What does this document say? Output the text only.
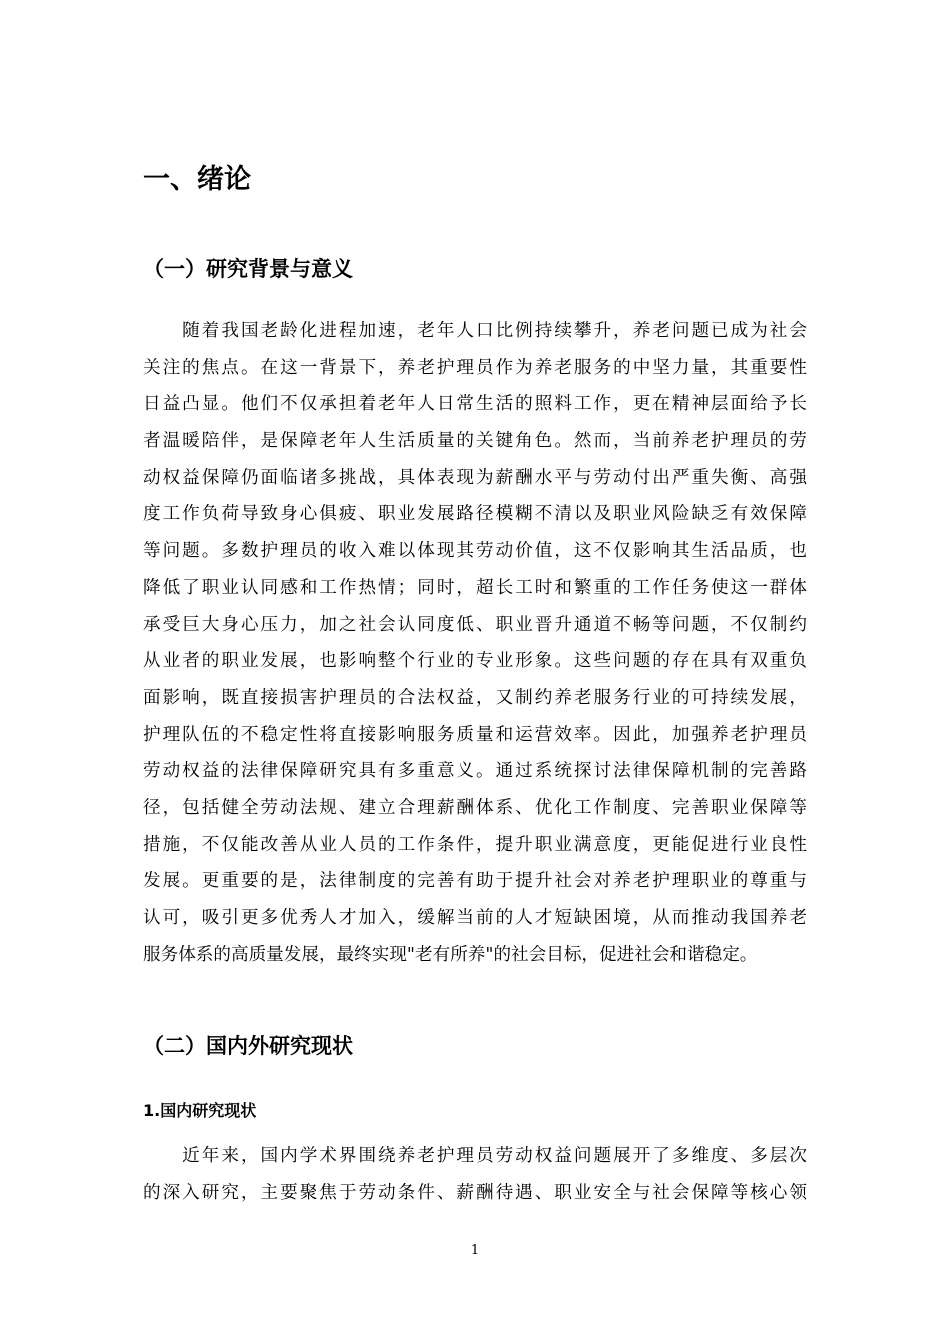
一、绪论
（一）研究背景与意义
　　随着我国老龄化进程加速，老年人口比例持续攀升，养老问题已成为社会
关注的焦点。在这一背景下，养老护理员作为养老服务的中坚力量，其重要性
日益凸显。他们不仅承担着老年人日常生活的照料工作，更在精神层面给予长
者温暖陪伴，是保障老年人生活质量的关键角色。然而，当前养老护理员的劳
动权益保障仍面临诸多挑战，具体表现为薪酬水平与劳动付出严重失衡、高强
度工作负荷导致身心俱疲、职业发展路径模糊不清以及职业风险缺乏有效保障
等问题。多数护理员的收入难以体现其劳动价值，这不仅影响其生活品质，也
降低了职业认同感和工作热情；同时，超长工时和繁重的工作任务使这一群体
承受巨大身心压力，加之社会认同度低、职业晋升通道不畅等问题，不仅制约
从业者的职业发展，也影响整个行业的专业形象。这些问题的存在具有双重负
面影响，既直接损害护理员的合法权益，又制约养老服务行业的可持续发展，
护理队伍的不稳定性将直接影响服务质量和运营效率。因此，加强养老护理员
劳动权益的法律保障研究具有多重意义。通过系统探讨法律保障机制的完善路
径，包括健全劳动法规、建立合理薪酬体系、优化工作制度、完善职业保障等
措施，不仅能改善从业人员的工作条件，提升职业满意度，更能促进行业良性
发展。更重要的是，法律制度的完善有助于提升社会对养老护理职业的尊重与
认可，吸引更多优秀人才加入，缓解当前的人才短缺困境，从而推动我国养老
服务体系的高质量发展，最终实现"老有所养"的社会目标，促进社会和谐稳定。
（二）国内外研究现状
1.国内研究现状
　　近年来，国内学术界围绕养老护理员劳动权益问题展开了多维度、多层次
的深入研究，主要聚焦于劳动条件、薪酬待遇、职业安全与社会保障等核心领
1
